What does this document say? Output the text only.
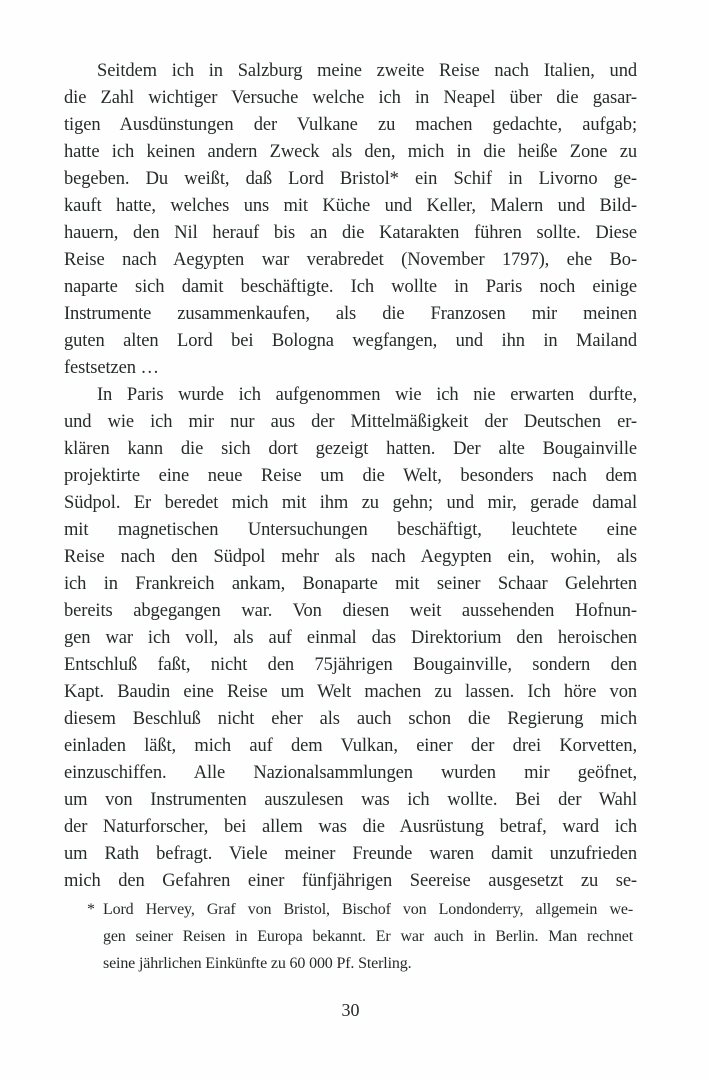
Seitdem ich in Salzburg meine zweite Reise nach Italien, und
die Zahl wichtiger Versuche welche ich in Neapel über die gasar-
tigen Ausdünstungen der Vulkane zu machen gedachte, aufgab;
hatte ich keinen andern Zweck als den, mich in die heiße Zone zu
begeben. Du weißt, daß Lord Bristol* ein Schif in Livorno ge-
kauft hatte, welches uns mit Küche und Keller, Malern und Bild-
hauern, den Nil herauf bis an die Katarakten führen sollte. Diese
Reise nach Aegypten war verabredet (November 1797), ehe Bo-
naparte sich damit beschäftigte. Ich wollte in Paris noch einige
Instrumente zusammenkaufen, als die Franzosen mir meinen
guten alten Lord bei Bologna wegfangen, und ihn in Mailand
festsetzen …
In Paris wurde ich aufgenommen wie ich nie erwarten durfte,
und wie ich mir nur aus der Mittelmäßigkeit der Deutschen er-
klären kann die sich dort gezeigt hatten. Der alte Bougainville
projektirte eine neue Reise um die Welt, besonders nach dem
Südpol. Er beredet mich mit ihm zu gehn; und mir, gerade damal
mit magnetischen Untersuchungen beschäftigt, leuchtete eine
Reise nach den Südpol mehr als nach Aegypten ein, wohin, als
ich in Frankreich ankam, Bonaparte mit seiner Schaar Gelehrten
bereits abgegangen war. Von diesen weit aussehenden Hofnun-
gen war ich voll, als auf einmal das Direktorium den heroischen
Entschluß faßt, nicht den 75jährigen Bougainville, sondern den
Kapt. Baudin eine Reise um Welt machen zu lassen. Ich höre von
diesem Beschluß nicht eher als auch schon die Regierung mich
einladen läßt, mich auf dem Vulkan, einer der drei Korvetten,
einzuschiffen. Alle Nazionalsammlungen wurden mir geöfnet,
um von Instrumenten auszulesen was ich wollte. Bei der Wahl
der Naturforscher, bei allem was die Ausrüstung betraf, ward ich
um Rath befragt. Viele meiner Freunde waren damit unzufrieden
mich den Gefahren einer fünfjährigen Seereise ausgesetzt zu se-
* Lord Hervey, Graf von Bristol, Bischof von Londonderry, allgemein we-
gen seiner Reisen in Europa bekannt. Er war auch in Berlin. Man rechnet
seine jährlichen Einkünfte zu 60 000 Pf. Sterling.
30
